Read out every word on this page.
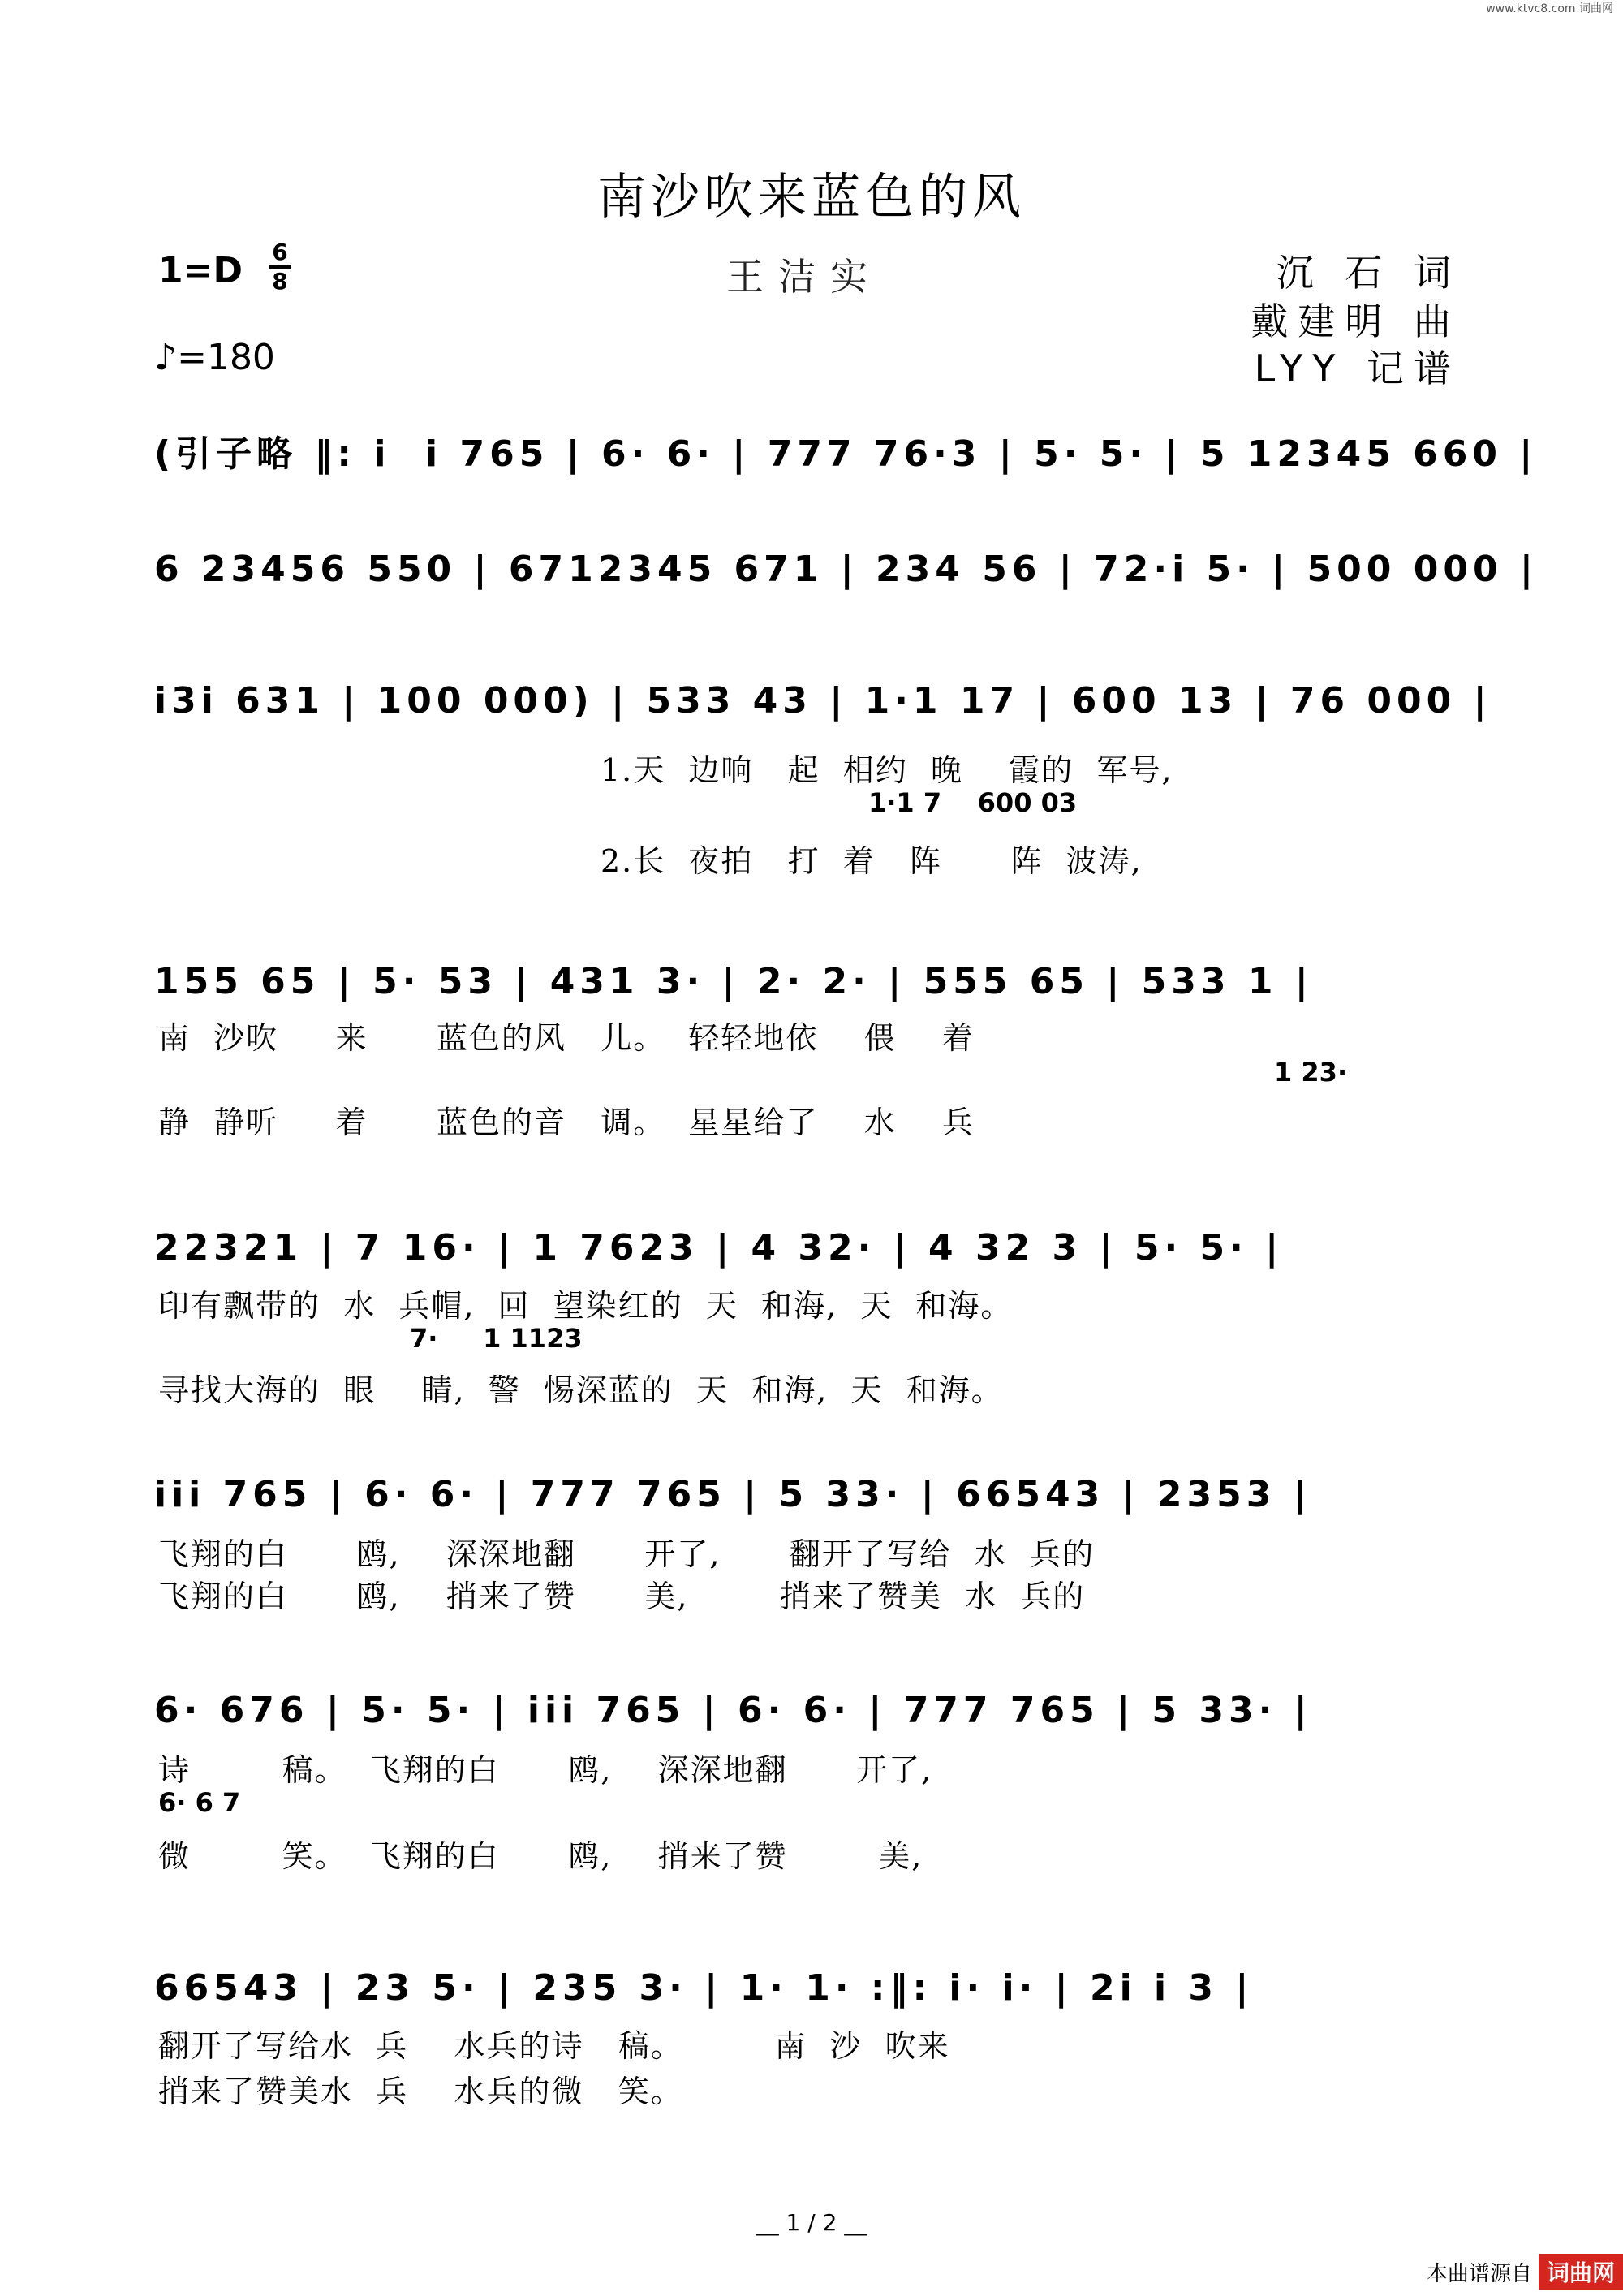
www.ktvc8.com 词曲网
南沙吹来蓝色的风
1=D 6
8	王洁实	沉 石 词
戴建明 曲
LYY 记谱
♪=180
(引子略 ‖: i  i 765 | 6· 6· | 777 76·3 | 5· 5· | 5 12345 660 |
6 23456 550 | 6712345 671 | 234 56 | 72·i 5· | 500 000 |
i3i 631 | 100 000) | 533 43 | 1·1 17 | 600 13 | 76 000 |
1.天  边响   起  相约  晚    霞的  军号,
1·1 7    600 03
2.长  夜拍   打  着   阵      阵  波涛,
155 65 | 5· 53 | 431 3· | 2· 2· | 555 65 | 533 1 |
南  沙吹     来      蓝色的风   儿。  轻轻地依    偎    着
1 23·
静  静听     着      蓝色的音   调。  星星给了    水    兵
22321 | 7 16· | 1 7623 | 4 32· | 4 32 3 | 5· 5· |
印有飘带的  水  兵帽,  回  望染红的  天  和海,  天  和海。
7·     1 1123
寻找大海的  眼    睛,  警  惕深蓝的  天  和海,  天  和海。
iii 765 | 6· 6· | 777 765 | 5 33· | 66543 | 2353 |
飞翔的白      鸥,    深深地翻      开了,      翻开了写给  水  兵的
飞翔的白      鸥,    捎来了赞      美,        捎来了赞美  水  兵的
6· 676 | 5· 5· | iii 765 | 6· 6· | 777 765 | 5 33· |
诗        稿。  飞翔的白      鸥,    深深地翻      开了,
6· 6 7
微        笑。  飞翔的白      鸥,    捎来了赞        美,
66543 | 23 5· | 235 3· | 1· 1· :‖: i· i· | 2i i 3 |
翻开了写给水  兵    水兵的诗   稿。        南  沙  吹来
捎来了赞美水  兵    水兵的微   笑。
__ 1 / 2 __
本曲谱源自 词曲网
